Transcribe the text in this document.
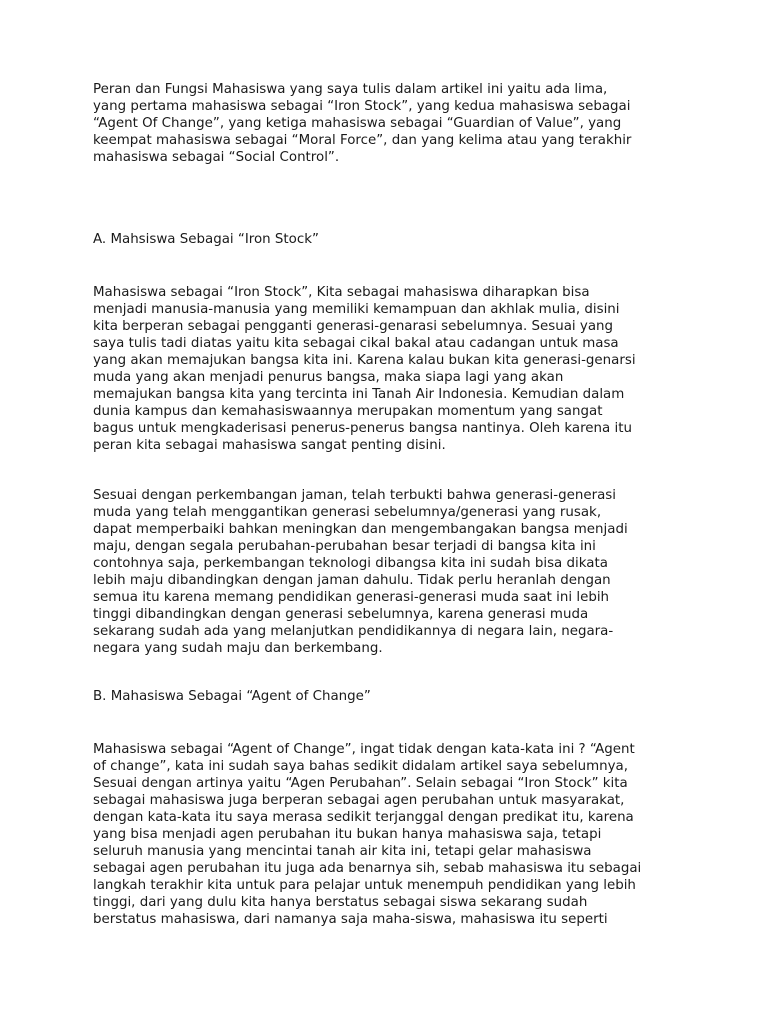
Peran dan Fungsi Mahasiswa yang saya tulis dalam artikel ini yaitu ada lima,
yang pertama mahasiswa sebagai “Iron Stock”, yang kedua mahasiswa sebagai
“Agent Of Change”, yang ketiga mahasiswa sebagai “Guardian of Value”, yang
keempat mahasiswa sebagai “Moral Force”, dan yang kelima atau yang terakhir
mahasiswa sebagai “Social Control”.

A. Mahsiswa Sebagai “Iron Stock”

Mahasiswa sebagai “Iron Stock”, Kita sebagai mahasiswa diharapkan bisa
menjadi manusia-manusia yang memiliki kemampuan dan akhlak mulia, disini
kita berperan sebagai pengganti generasi-genarasi sebelumnya. Sesuai yang
saya tulis tadi diatas yaitu kita sebagai cikal bakal atau cadangan untuk masa
yang akan memajukan bangsa kita ini. Karena kalau bukan kita generasi-genarsi
muda yang akan menjadi penurus bangsa, maka siapa lagi yang akan
memajukan bangsa kita yang tercinta ini Tanah Air Indonesia. Kemudian dalam
dunia kampus dan kemahasiswaannya merupakan momentum yang sangat
bagus untuk mengkaderisasi penerus-penerus bangsa nantinya. Oleh karena itu
peran kita sebagai mahasiswa sangat penting disini.

Sesuai dengan perkembangan jaman, telah terbukti bahwa generasi-generasi
muda yang telah menggantikan generasi sebelumnya/generasi yang rusak,
dapat memperbaiki bahkan meningkan dan mengembangakan bangsa menjadi
maju, dengan segala perubahan-perubahan besar terjadi di bangsa kita ini
contohnya saja, perkembangan teknologi dibangsa kita ini sudah bisa dikata
lebih maju dibandingkan dengan jaman dahulu. Tidak perlu heranlah dengan
semua itu karena memang pendidikan generasi-generasi muda saat ini lebih
tinggi dibandingkan dengan generasi sebelumnya, karena generasi muda
sekarang sudah ada yang melanjutkan pendidikannya di negara lain, negara-
negara yang sudah maju dan berkembang.

B. Mahasiswa Sebagai “Agent of Change”

Mahasiswa sebagai “Agent of Change”, ingat tidak dengan kata-kata ini ? “Agent
of change”, kata ini sudah saya bahas sedikit didalam artikel saya sebelumnya,
Sesuai dengan artinya yaitu “Agen Perubahan”. Selain sebagai “Iron Stock” kita
sebagai mahasiswa juga berperan sebagai agen perubahan untuk masyarakat,
dengan kata-kata itu saya merasa sedikit terjanggal dengan predikat itu, karena
yang bisa menjadi agen perubahan itu bukan hanya mahasiswa saja, tetapi
seluruh manusia yang mencintai tanah air kita ini, tetapi gelar mahasiswa
sebagai agen perubahan itu juga ada benarnya sih, sebab mahasiswa itu sebagai
langkah terakhir kita untuk para pelajar untuk menempuh pendidikan yang lebih
tinggi, dari yang dulu kita hanya berstatus sebagai siswa sekarang sudah
berstatus mahasiswa, dari namanya saja maha-siswa, mahasiswa itu seperti
